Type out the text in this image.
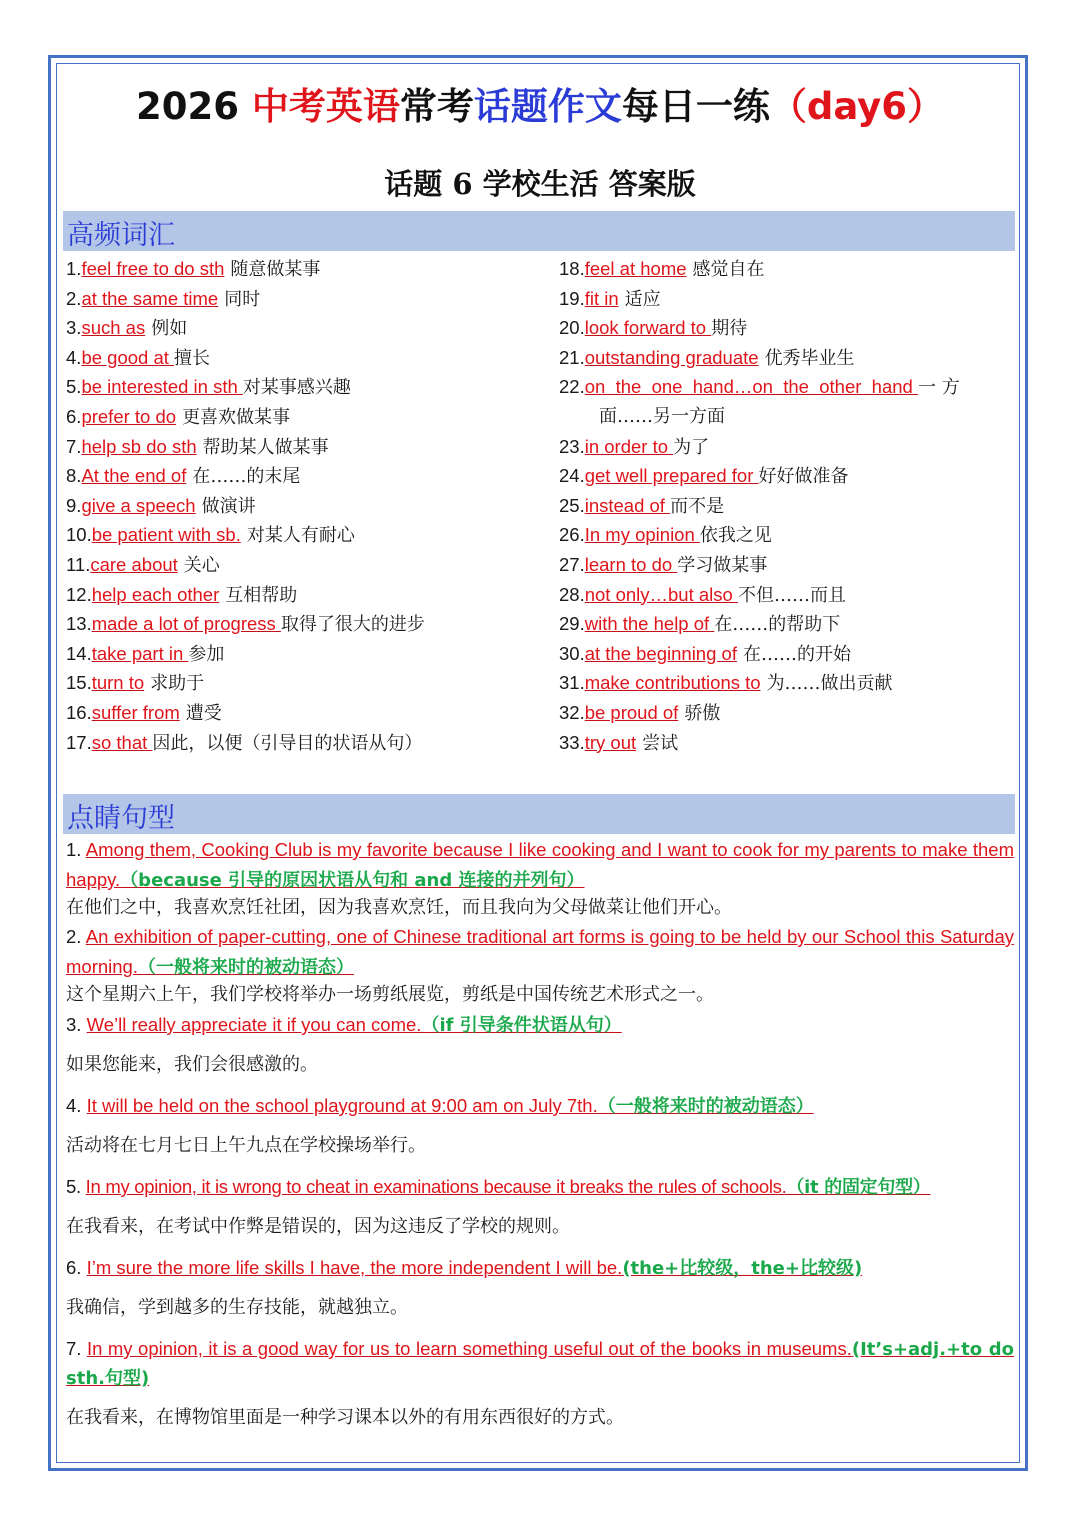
2026 中考英语常考话题作文每日一练（day6）
话题 6 学校生活 答案版
高频词汇
1.feel free to do sth 随意做某事
2.at the same time 同时
3.such as 例如
4.be good at 擅长
5.be interested in sth 对某事感兴趣
6.prefer to do 更喜欢做某事
7.help sb do sth 帮助某人做某事
8.At the end of 在……的末尾
9.give a speech 做演讲
10.be patient with sb. 对某人有耐心
11.care about 关心
12.help each other 互相帮助
13.made a lot of progress 取得了很大的进步
14.take part in 参加
15.turn to 求助于
16.suffer from 遭受
17.so that 因此，以便（引导目的状语从句）
18.feel at home 感觉自在
19.fit in 适应
20.look forward to 期待
21.outstanding graduate 优秀毕业生
22.on  the  one  hand…on  the  other  hand 一 方
面……另一方面
23.in order to 为了
24.get well prepared for 好好做准备
25.instead of 而不是
26.In my opinion 依我之见
27.learn to do 学习做某事
28.not only…but also 不但……而且
29.with the help of 在……的帮助下
30.at the beginning of 在……的开始
31.make contributions to 为……做出贡献
32.be proud of 骄傲
33.try out 尝试
点睛句型
1. Among them, Cooking Club is my favorite because I like cooking and I want to cook for my parents to make them happy.（because 引导的原因状语从句和 and 连接的并列句）
在他们之中，我喜欢烹饪社团，因为我喜欢烹饪，而且我向为父母做菜让他们开心。
2. An exhibition of paper-cutting, one of Chinese traditional art forms is going to be held by our School this Saturday morning.（一般将来时的被动语态）
这个星期六上午，我们学校将举办一场剪纸展览，剪纸是中国传统艺术形式之一。
3. We’ll really appreciate it if you can come.（if 引导条件状语从句）
如果您能来，我们会很感激的。
4. It will be held on the school playground at 9:00 am on July 7th.（一般将来时的被动语态）
活动将在七月七日上午九点在学校操场举行。
5. In my opinion, it is wrong to cheat in examinations because it breaks the rules of schools.（it 的固定句型）
在我看来，在考试中作弊是错误的，因为这违反了学校的规则。
6. I’m sure the more life skills I have, the more independent I will be.(the+比较级，the+比较级)
我确信，学到越多的生存技能，就越独立。
7. In my opinion, it is a good way for us to learn something useful out of the books in museums.(It’s+adj.+to do sth.句型)
在我看来，在博物馆里面是一种学习课本以外的有用东西很好的方式。
